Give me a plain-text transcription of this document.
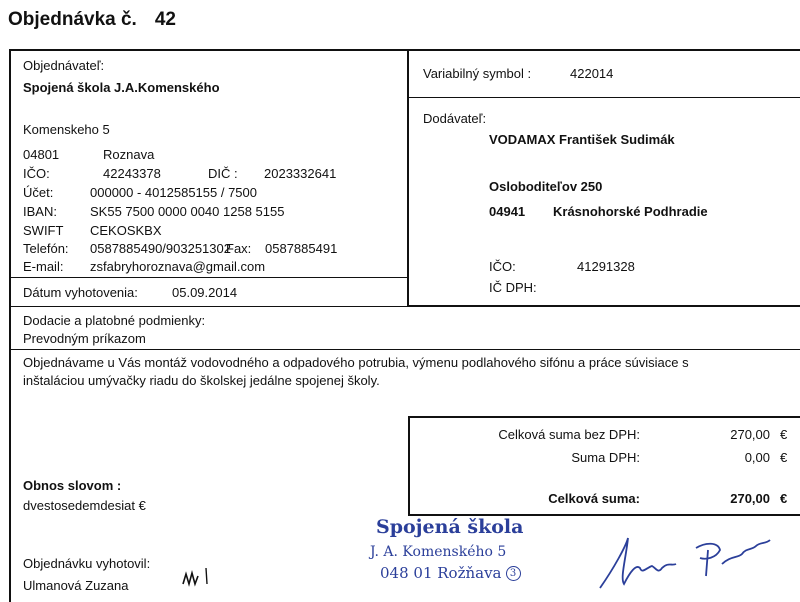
Objednávka č. 42
Objednávateľ:
Spojená škola J.A.Komenského
Komenskeho 5
04801	Roznava
IČO:	42243378	DIČ : 2023332641
Účet:	000000 - 4012585155 / 7500
IBAN:	SK55 7500 0000 0040 1258 5155
SWIFT CEKOSKBX
Telefón: 0587885490/903251302
Fax: 0587885491
E-mail: zsfabryhoroznava@gmail.com
Dátum vyhotovenia:	05.09.2014
Variabilný symbol :	422014
Dodávateľ:
VODAMAX František Sudimák
Osloboditeľov 250
04941 Krásnohorské Podhradie
IČO:	41291328
IČ DPH:
Dodacie a platobné podmienky:
Prevodným príkazom
Objednávame u Vás montáž vodovodného a odpadového potrubia, výmenu podlahového sifónu a práce súvisiace s
inštaláciou umývačky riadu do školskej jedálne spojenej školy.
Celková suma bez DPH:	270,00 €
Suma DPH:	0,00 €
Celková suma:	270,00 €
Obnos slovom :
dvestosedemdesiat €
Objednávku vyhotovil:
Ulmanová Zuzana
Spojená škola
J. A. Komenského 5
048 01 Rožňava 3
